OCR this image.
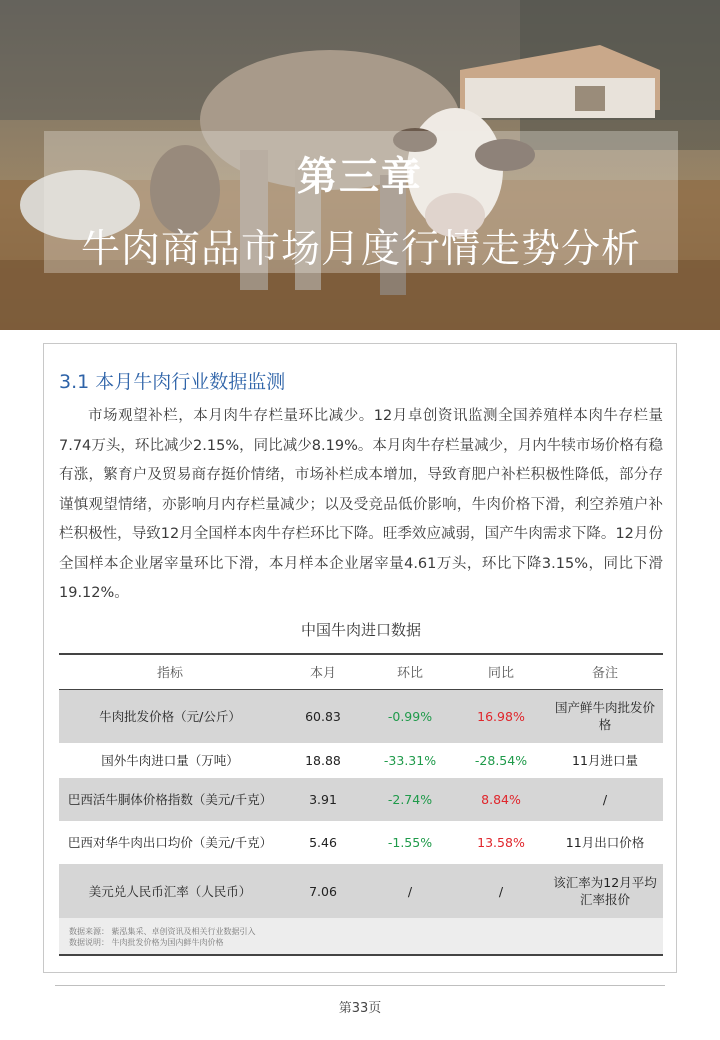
第三章
牛肉商品市场月度行情走势分析
3.1 本月牛肉行业数据监测

市场观望补栏，本月肉牛存栏量环比减少。12月卓创资讯监测全国养殖样本肉牛存栏量7.74万头，环比减少2.15%，同比减少8.19%。本月肉牛存栏量减少，月内牛犊市场价格有稳有涨，繁育户及贸易商存挺价情绪，市场补栏成本增加，导致育肥户补栏积极性降低，部分存谨慎观望情绪，亦影响月内存栏量减少；以及受竞品低价影响，牛肉价格下滑，利空养殖户补栏积极性，导致12月全国样本肉牛存栏环比下降。旺季效应减弱，国产牛肉需求下降。12月份全国样本企业屠宰量环比下滑，本月样本企业屠宰量4.61万头，环比下降3.15%，同比下滑19.12%。

中国牛肉进口数据
指标	本月	环比	同比	备注
牛肉批发价格（元/公斤）	60.83	-0.99%	16.98%	国产鲜牛肉批发价格
国外牛肉进口量（万吨）	18.88	-33.31%	-28.54%	11月进口量
巴西活牛胴体价格指数（美元/千克）	3.91	-2.74%	8.84%	/
巴西对华牛肉出口均价（美元/千克）	5.46	-1.55%	13.58%	11月出口价格
美元兑人民币汇率（人民币）	7.06	/	/	该汇率为12月平均汇率报价
数据来源： 紫泓集采、卓创资讯及相关行业数据引入
数据说明： 牛肉批发价格为国内鲜牛肉价格
第33页
